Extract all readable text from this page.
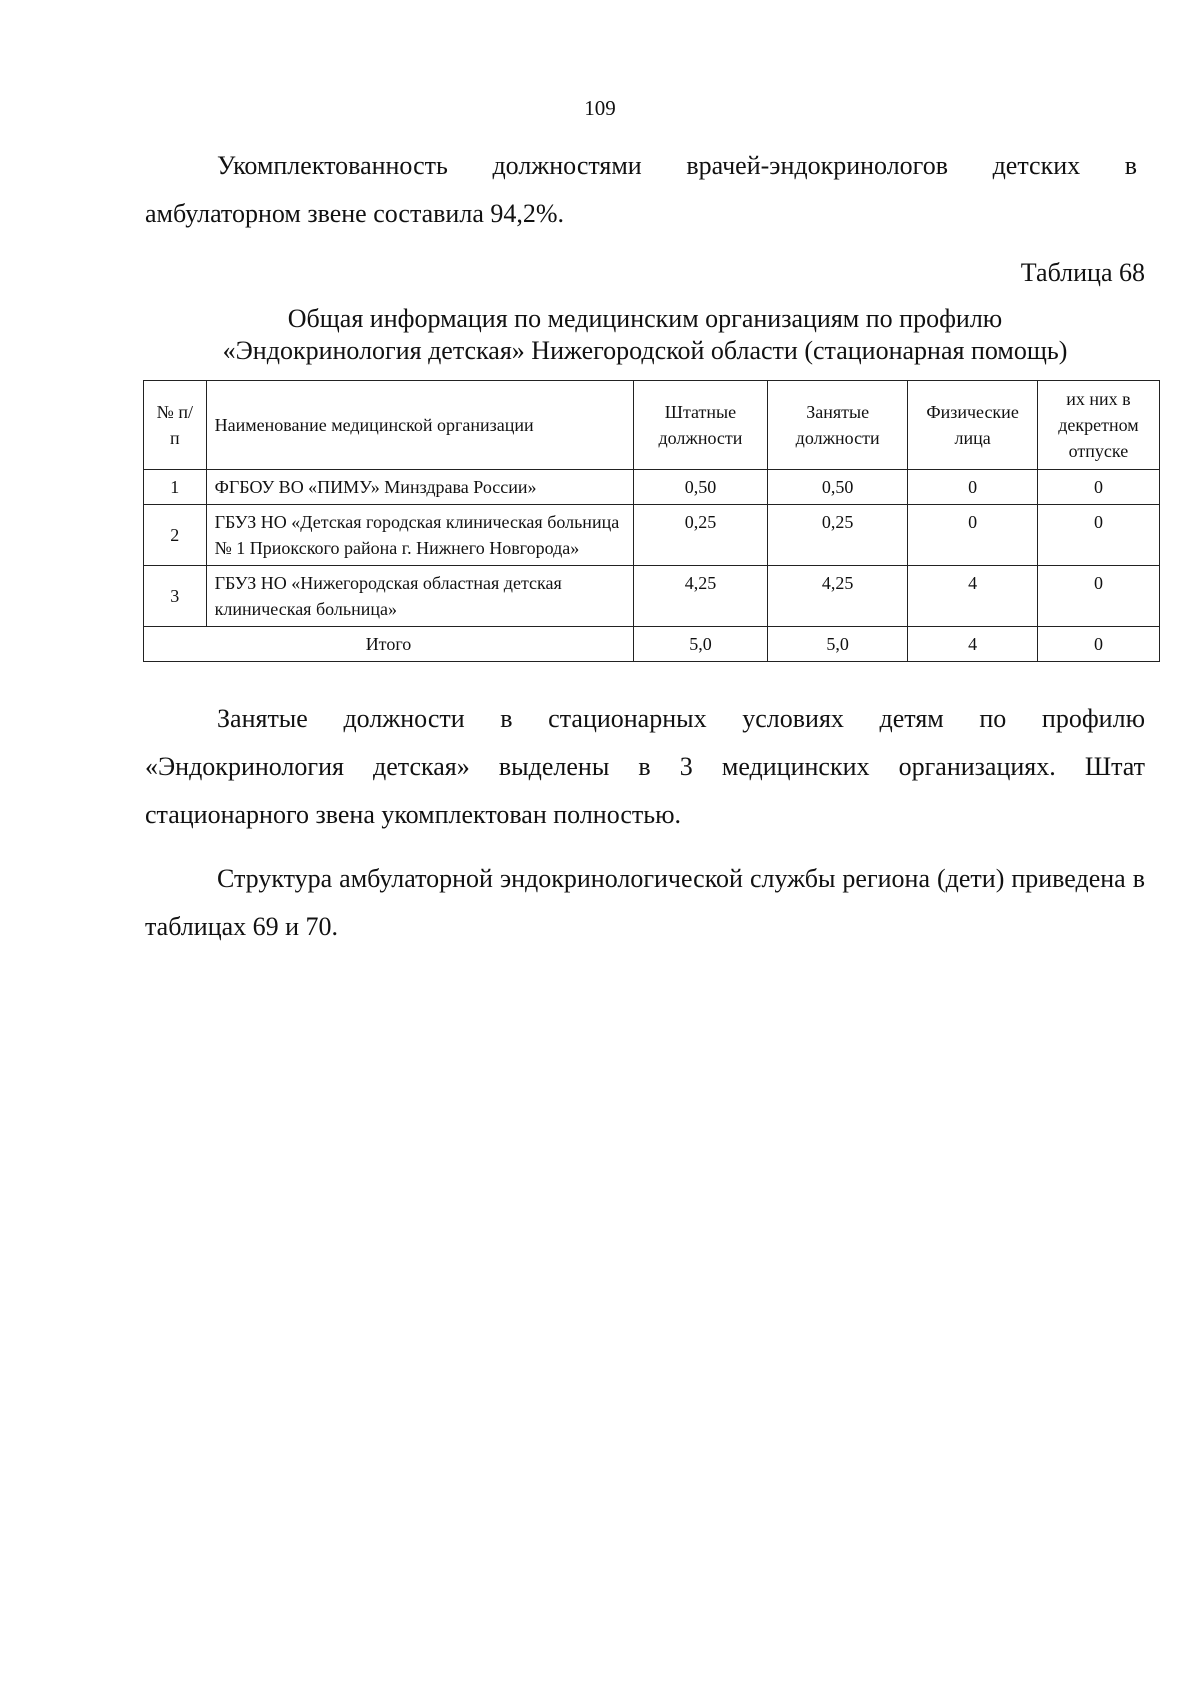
109

Укомплектованность должностями врачей-эндокринологов детских в амбулаторном звене составила 94,2%.

Таблица 68
Общая информация по медицинским организациям по профилю
«Эндокринология детская» Нижегородской области (стационарная помощь)
№ п/п	Наименование медицинской организации	Штатные должности	Занятые должности	Физические лица	их них в декретном отпуске
1	ФГБОУ ВО «ПИМУ» Минздрава России»	0,50	0,50	0	0
2	ГБУЗ НО «Детская городская клиническая больница № 1 Приокского района г. Нижнего Новгорода»	0,25	0,25	0	0
3	ГБУЗ НО «Нижегородская областная детская клиническая больница»	4,25	4,25	4	0
Итого		5,0	5,0	4	0

Занятые должности в стационарных условиях детям по профилю «Эндокринология детская» выделены в 3 медицинских организациях. Штат стационарного звена укомплектован полностью.

Структура амбулаторной эндокринологической службы региона (дети) приведена в таблицах 69 и 70.
